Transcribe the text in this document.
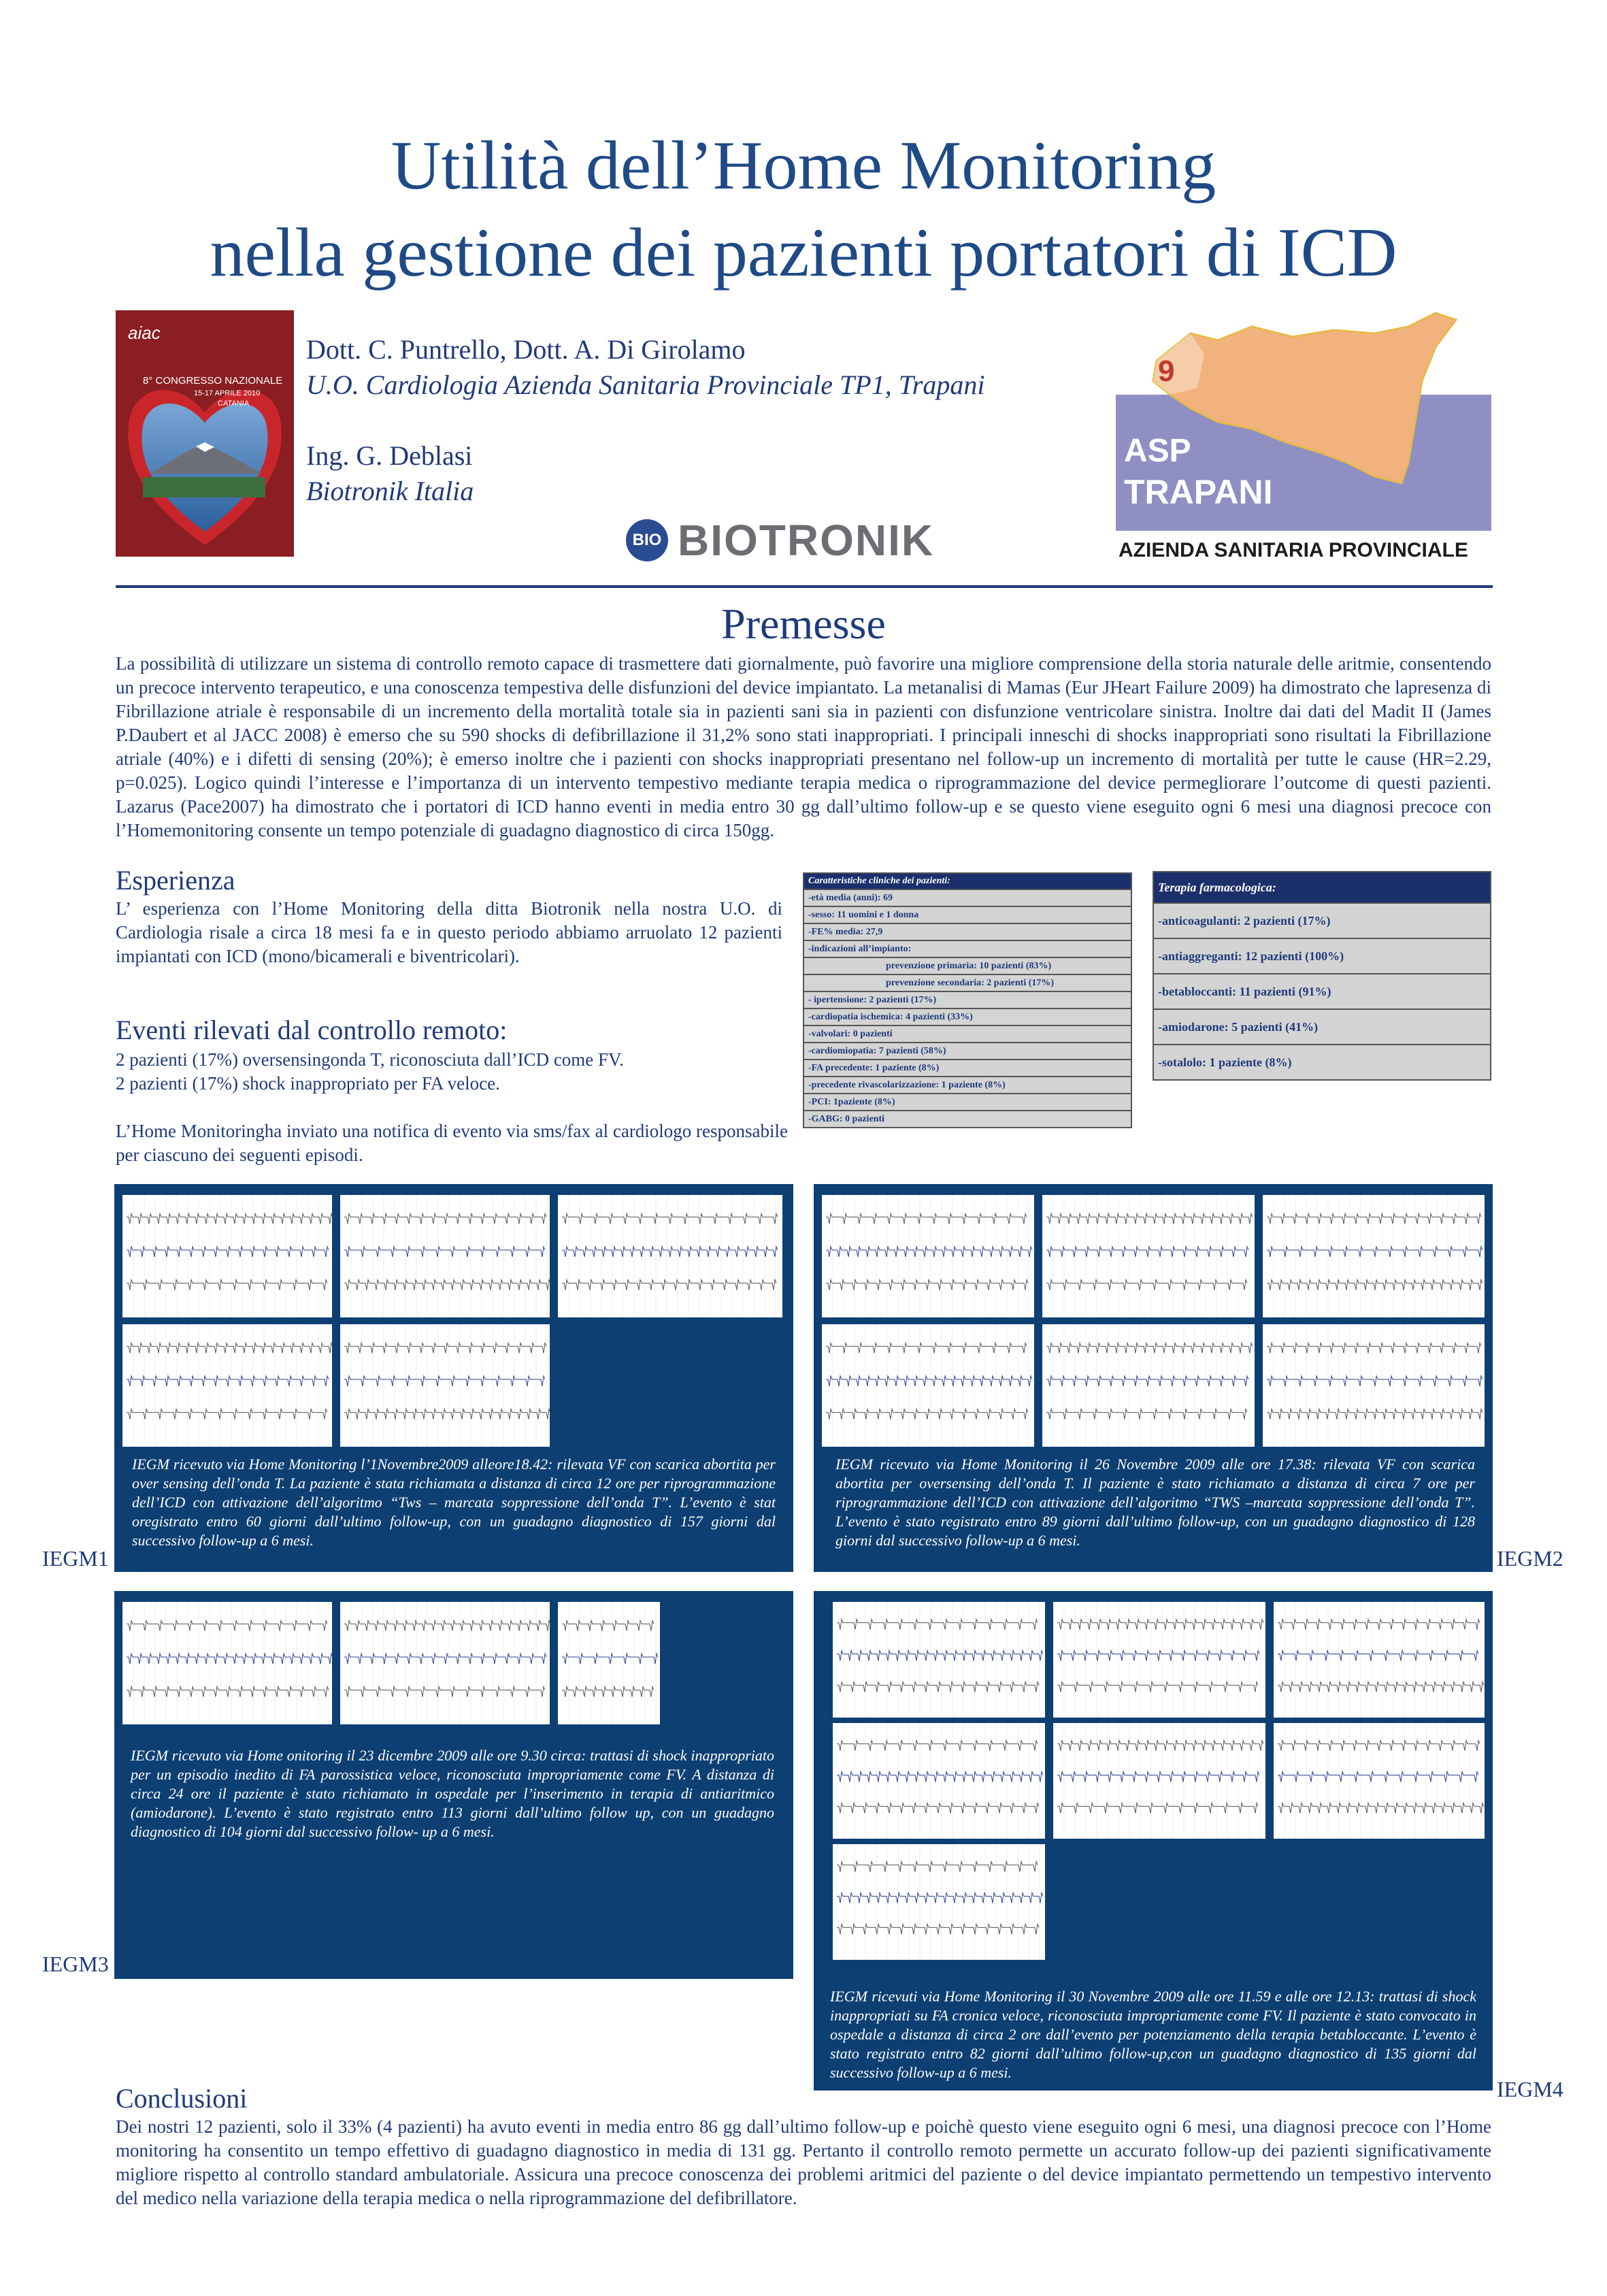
Utilità dell’Home Monitoring
nella gestione dei pazienti portatori di ICD
aiac
8° CONGRESSO NAZIONALE
15-17 APRILE 2010
CATANIA
Dott. C. Puntrello, Dott. A. Di Girolamo
U.O. Cardiologia Azienda Sanitaria Provinciale TP1, Trapani
Ing. G. Deblasi
Biotronik Italia
BIO BIOTRONIK
9
ASP
TRAPANI
AZIENDA SANITARIA PROVINCIALE
Premesse
La possibilità di utilizzare un sistema di controllo remoto capace di trasmettere dati giornalmente, può favorire una migliore comprensione della storia naturale delle aritmie, consentendo un precoce intervento terapeutico, e una conoscenza tempestiva delle disfunzioni del device impiantato. La metanalisi di Mamas (Eur JHeart Failure 2009) ha dimostrato che lapresenza di Fibrillazione atriale è responsabile di un incremento della mortalità totale sia in pazienti sani sia in pazienti con disfunzione ventricolare sinistra. Inoltre dai dati del Madit II (James P.Daubert et al JACC 2008) è emerso che su 590 shocks di defibrillazione il 31,2% sono stati inappropriati. I principali inneschi di shocks inappropriati sono risultati la Fibrillazione atriale (40%) e i difetti di sensing (20%); è emerso inoltre che i pazienti con shocks inappropriati presentano nel follow-up un incremento di mortalità per tutte le cause (HR=2.29, p=0.025). Logico quindi l’interesse e l’importanza di un intervento tempestivo mediante terapia medica o riprogrammazione del device permegliorare l’outcome di questi pazienti. Lazarus (Pace2007) ha dimostrato che i portatori di ICD hanno eventi in media entro 30 gg dall’ultimo follow-up e se questo viene eseguito ogni 6 mesi una diagnosi precoce con l’Homemonitoring consente un tempo potenziale di guadagno diagnostico di circa 150gg.
Esperienza
L’ esperienza con l’Home Monitoring della ditta Biotronik nella nostra U.O. di Cardiologia risale a circa 18 mesi fa e in questo periodo abbiamo arruolato 12 pazienti impiantati con ICD (mono/bicamerali e biventricolari).
Eventi rilevati dal controllo remoto:
2 pazienti (17%) oversensingonda T, riconosciuta dall’ICD come FV.
2 pazienti (17%) shock inappropriato per FA veloce.
L’Home Monitoringha inviato una notifica di evento via sms/fax al cardiologo responsabile per ciascuno dei seguenti episodi.
Caratteristiche cliniche dei pazienti:
-età media (anni): 69
-sesso: 11 uomini e 1 donna
-FE% media: 27,9
-indicazioni all’impianto:
prevenzione primaria: 10 pazienti (83%)
prevenzione secondaria: 2 pazienti (17%)
- ipertensione: 2 pazienti (17%)
-cardiopatia ischemica: 4 pazienti (33%)
-valvolari: 0 pazienti
-cardiomiopatia: 7 pazienti (58%)
-FA precedente: 1 paziente (8%)
-precedente rivascolarizzazione: 1 paziente (8%)
-PCI: 1paziente (8%)
-GABG: 0 pazienti
Terapia farmacologica:
-anticoagulanti: 2 pazienti (17%)
-antiaggreganti: 12 pazienti (100%)
-betabloccanti: 11 pazienti (91%)
-amiodarone: 5 pazienti (41%)
-sotalolo: 1 paziente (8%)
IEGM ricevuto via Home Monitoring l’1Novembre2009 alleore18.42: rilevata VF con scarica abortita per over sensing dell’onda T. La paziente è stata richiamata a distanza di circa 12 ore per riprogrammazione dell’ICD con attivazione dell’algoritmo “Tws – marcata soppressione dell’onda T”. L’evento è stat oregistrato entro 60 giorni dall’ultimo follow-up, con un guadagno diagnostico di 157 giorni dal successivo follow-up a 6 mesi.
IEGM1
IEGM ricevuto via Home Monitoring il 26 Novembre 2009 alle ore 17.38: rilevata VF con scarica abortita per oversensing dell’onda T. Il paziente è stato richiamato a distanza di circa 7 ore per riprogrammazione dell’ICD con attivazione dell’algoritmo “TWS –marcata soppressione dell’onda T”. L’evento è stato registrato entro 89 giorni dall’ultimo follow-up, con un guadagno diagnostico di 128 giorni dal successivo follow-up a 6 mesi.
IEGM2
IEGM ricevuto via Home onitoring il 23 dicembre 2009 alle ore 9.30 circa: trattasi di shock inappropriato per un episodio inedito di FA parossistica veloce, riconosciuta impropriamente come FV. A distanza di circa 24 ore il paziente è stato richiamato in ospedale per l’inserimento in terapia di antiaritmico (amiodarone). L’evento è stato registrato entro 113 giorni dall’ultimo follow up, con un guadagno diagnostico di 104 giorni dal successivo follow- up a 6 mesi.
IEGM3
IEGM ricevuti via Home Monitoring il 30 Novembre 2009 alle ore 11.59 e alle ore 12.13: trattasi di shock inappropriati su FA cronica veloce, riconosciuta impropriamente come FV. Il paziente è stato convocato in ospedale a distanza di circa 2 ore dall’evento per potenziamento della terapia betabloccante. L’evento è stato registrato entro 82 giorni dall’ultimo follow-up,con un guadagno diagnostico di 135 giorni dal successivo follow-up a 6 mesi.
IEGM4
Conclusioni
Dei nostri 12 pazienti, solo il 33% (4 pazienti) ha avuto eventi in media entro 86 gg dall’ultimo follow-up e poichè questo viene eseguito ogni 6 mesi, una diagnosi precoce con l’Home monitoring ha consentito un tempo effettivo di guadagno diagnostico in media di 131 gg. Pertanto il controllo remoto permette un accurato follow-up dei pazienti significativamente migliore rispetto al controllo standard ambulatoriale. Assicura una precoce conoscenza dei problemi aritmici del paziente o del device impiantato permettendo un tempestivo intervento del medico nella variazione della terapia medica o nella riprogrammazione del defibrillatore.
